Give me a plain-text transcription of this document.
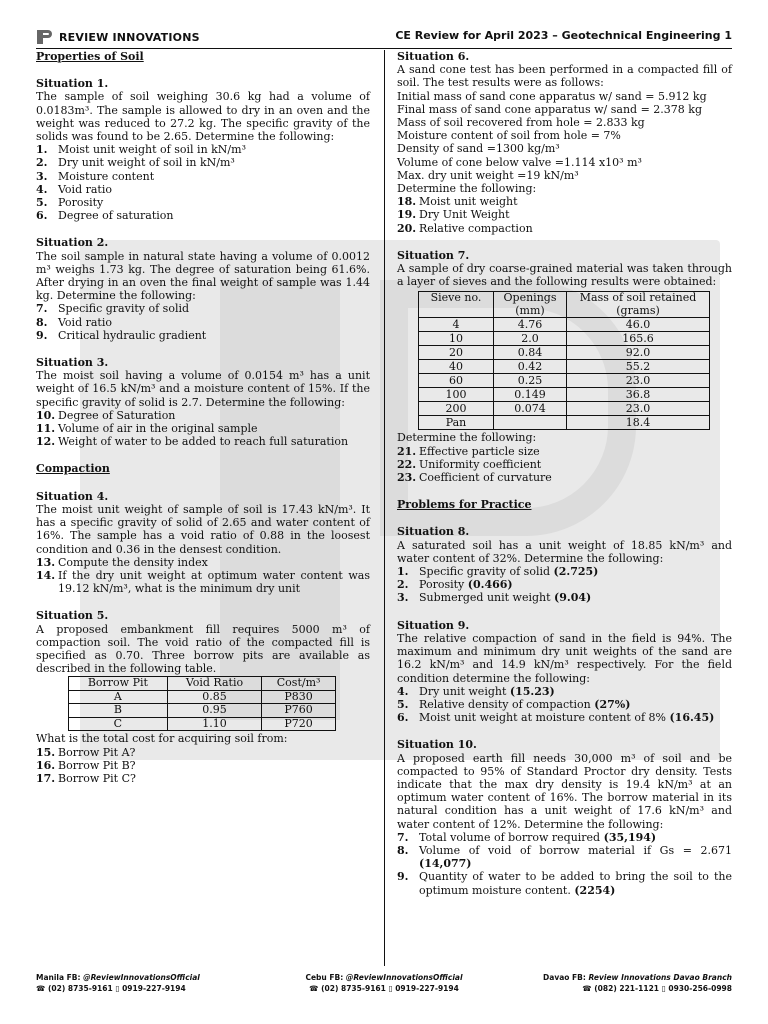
REVIEW INNOVATIONS	CE Review for April 2023 – Geotechnical Engineering 1

Properties of Soil

Situation 1.

The sample of soil weighing 30.6 kg had a volume of 0.0183m³. The sample is allowed to dry in an oven and the weight was reduced to 27.2 kg. The specific gravity of the solids was found to be 2.65. Determine the following:

1. Moist unit weight of soil in kN/m³
2. Dry unit weight of soil in kN/m³
3. Moisture content
4. Void ratio
5. Porosity
6. Degree of saturation

Situation 2.

The soil sample in natural state having a volume of 0.0012 m³ weighs 1.73 kg. The degree of saturation being 61.6%. After drying in an oven the final weight of sample was 1.44 kg. Determine the following:

7. Specific gravity of solid
8. Void ratio
9. Critical hydraulic gradient

Situation 3.

The moist soil having a volume of 0.0154 m³ has a unit weight of 16.5 kN/m³ and a moisture content of 15%. If the specific gravity of solid is 2.7. Determine the following:

10. Degree of Saturation
11. Volume of air in the original sample
12. Weight of water to be added to reach full saturation

Compaction

Situation 4.

The moist unit weight of sample of soil is 17.43 kN/m³. It has a specific gravity of solid of 2.65 and water content of 16%. The sample has a void ratio of 0.88 in the loosest condition and 0.36 in the densest condition.

13. Compute the density index
14. If the dry unit weight at optimum water content was 19.12 kN/m³, what is the minimum dry unit

Situation 5.

A proposed embankment fill requires 5000 m³ of compaction soil. The void ratio of the compacted fill is specified as 0.70. Three borrow pits are available as described in the following table.

Borrow Pit	Void Ratio	Cost/m³
A	0.85	P830
B	0.95	P760
C	1.10	P720

What is the total cost for acquiring soil from:

15. Borrow Pit A?
16. Borrow Pit B?
17. Borrow Pit C?

Situation 6.

A sand cone test has been performed in a compacted fill of soil. The test results were as follows:

Initial mass of sand cone apparatus w/ sand = 5.912 kg

Final mass of sand cone apparatus w/ sand = 2.378 kg

Mass of soil recovered from hole = 2.833 kg

Moisture content of soil from hole = 7%

Density of sand =1300 kg/m³

Volume of cone below valve =1.114 x10³ m³

Max. dry unit weight =19 kN/m³

Determine the following:

18. Moist unit weight
19. Dry Unit Weight
20. Relative compaction

Situation 7.

A sample of dry coarse-grained material was taken through a layer of sieves and the following results were obtained:

Sieve no.	Openings (mm)	Mass of soil retained (grams)
4	4.76	46.0
10	2.0	165.6
20	0.84	92.0
40	0.42	55.2
60	0.25	23.0
100	0.149	36.8
200	0.074	23.0
Pan		18.4

Determine the following:

21. Effective particle size
22. Uniformity coefficient
23. Coefficient of curvature

Problems for Practice

Situation 8.

A saturated soil has a unit weight of 18.85 kN/m³ and water content of 32%. Determine the following:

1. Specific gravity of solid (2.725)
2. Porosity (0.466)
3. Submerged unit weight (9.04)

Situation 9.

The relative compaction of sand in the field is 94%. The maximum and minimum dry unit weights of the sand are 16.2 kN/m³ and 14.9 kN/m³ respectively. For the field condition determine the following:

4. Dry unit weight (15.23)
5. Relative density of compaction (27%)
6. Moist unit weight at moisture content of 8% (16.45)

Situation 10.

A proposed earth fill needs 30,000 m³ of soil and be compacted to 95% of Standard Proctor dry density. Tests indicate that the max dry density is 19.4 kN/m³ at an optimum water content of 16%. The borrow material in its natural condition has a unit weight of 17.6 kN/m³ and water content of 12%. Determine the following:

7. Total volume of borrow required (35,194)
8. Volume of void of borrow material if Gs = 2.671 (14,077)
9. Quantity of water to be added to bring the soil to the optimum moisture content. (2254)
Manila FB: @ReviewInnovationsOfficial
☎ (02) 8735-9161 ▯ 0919-227-9194
Cebu FB: @ReviewInnovationsOfficial
☎ (02) 8735-9161 ▯ 0919-227-9194
Davao FB: Review Innovations Davao Branch
☎ (082) 221-1121 ▯ 0930-256-0998
